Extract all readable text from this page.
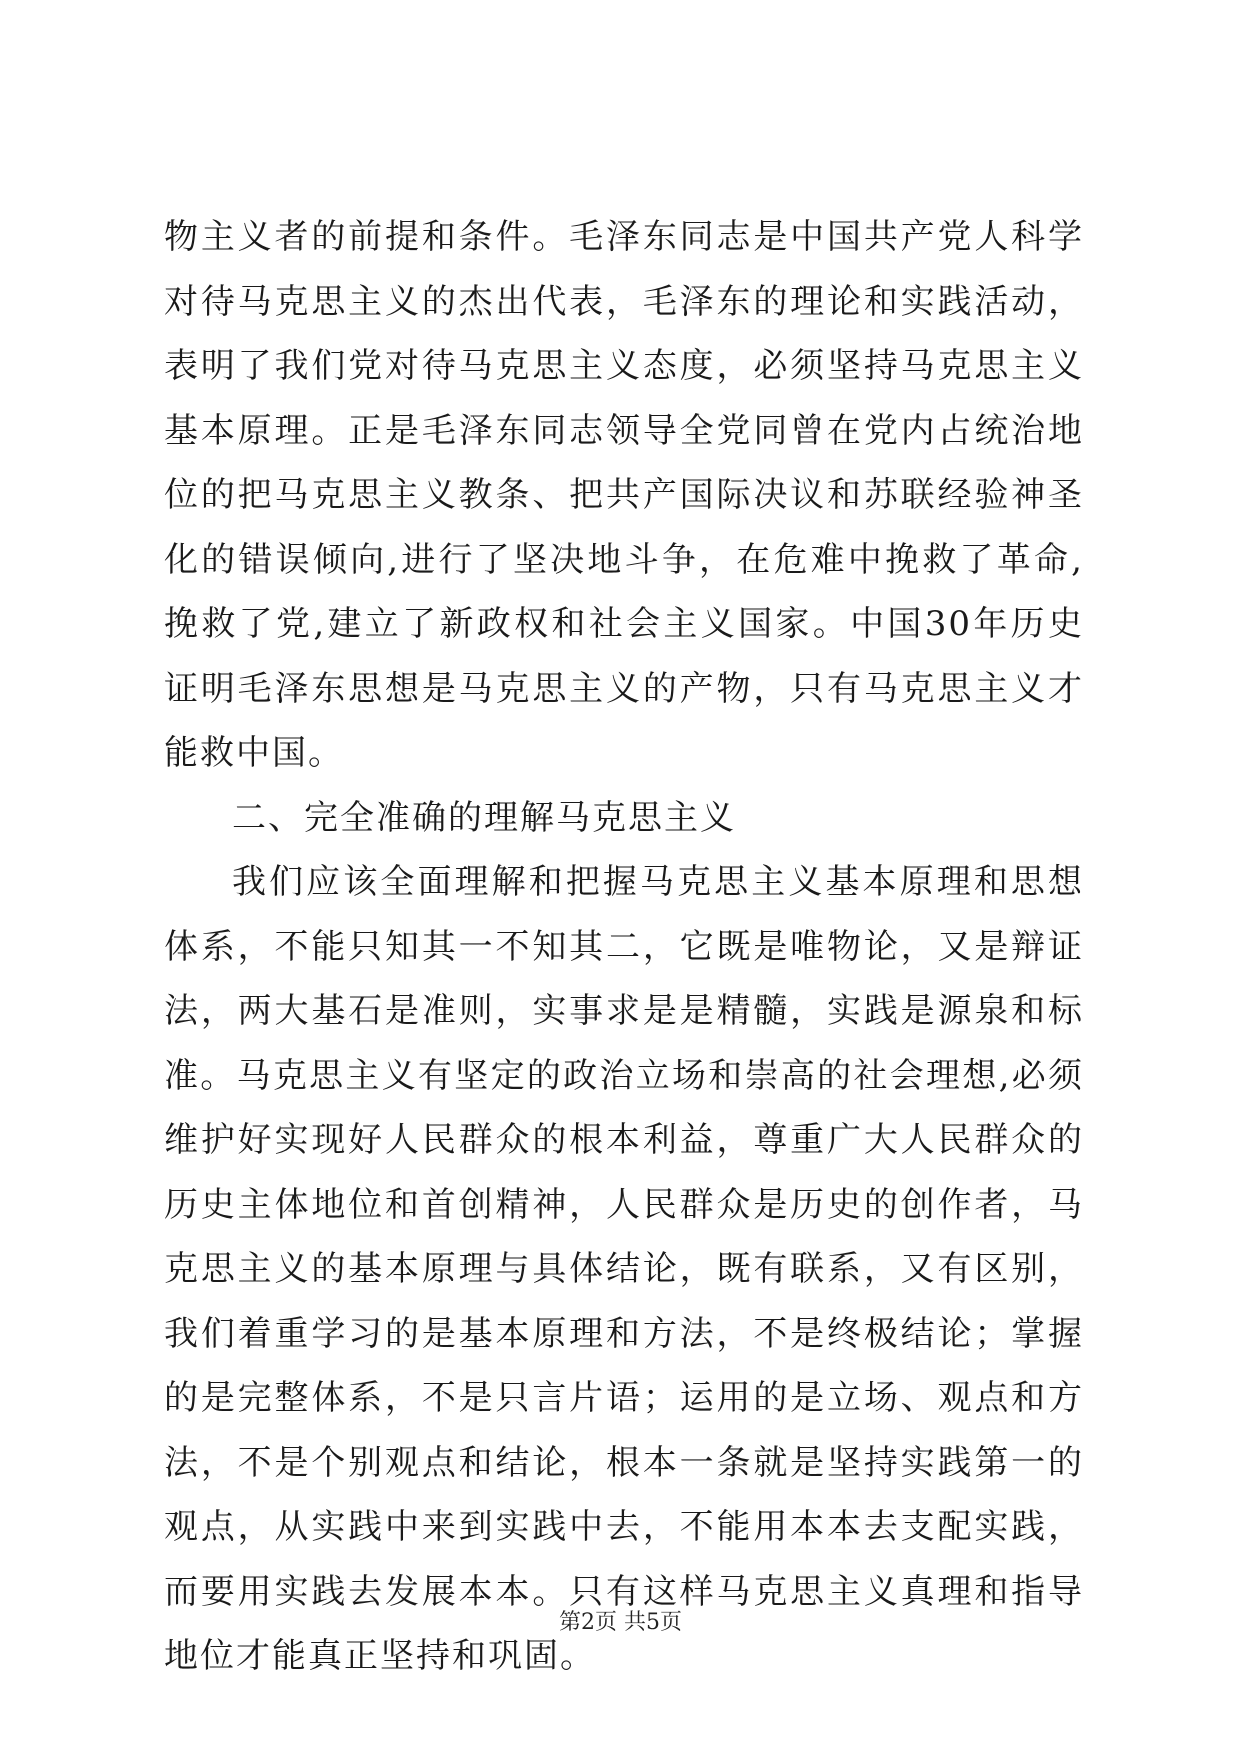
物主义者的前提和条件。毛泽东同志是中国共产党人科学对待马克思主义的杰出代表，毛泽东的理论和实践活动，表明了我们党对待马克思主义态度，必须坚持马克思主义基本原理。正是毛泽东同志领导全党同曾在党内占统治地位的把马克思主义教条、把共产国际决议和苏联经验神圣化的错误倾向,进行了坚决地斗争，在危难中挽救了革命,挽救了党,建立了新政权和社会主义国家。中国30年历史证明毛泽东思想是马克思主义的产物，只有马克思主义才能救中国。

二、完全准确的理解马克思主义

我们应该全面理解和把握马克思主义基本原理和思想体系，不能只知其一不知其二，它既是唯物论，又是辩证法，两大基石是准则，实事求是是精髓，实践是源泉和标准。马克思主义有坚定的政治立场和崇高的社会理想,必须维护好实现好人民群众的根本利益，尊重广大人民群众的历史主体地位和首创精神，人民群众是历史的创作者，马克思主义的基本原理与具体结论，既有联系，又有区别，我们着重学习的是基本原理和方法，不是终极结论；掌握的是完整体系，不是只言片语；运用的是立场、观点和方法，不是个别观点和结论，根本一条就是坚持实践第一的观点，从实践中来到实践中去，不能用本本去支配实践，而要用实践去发展本本。只有这样马克思主义真理和指导地位才能真正坚持和巩固。

第2页 共5页
